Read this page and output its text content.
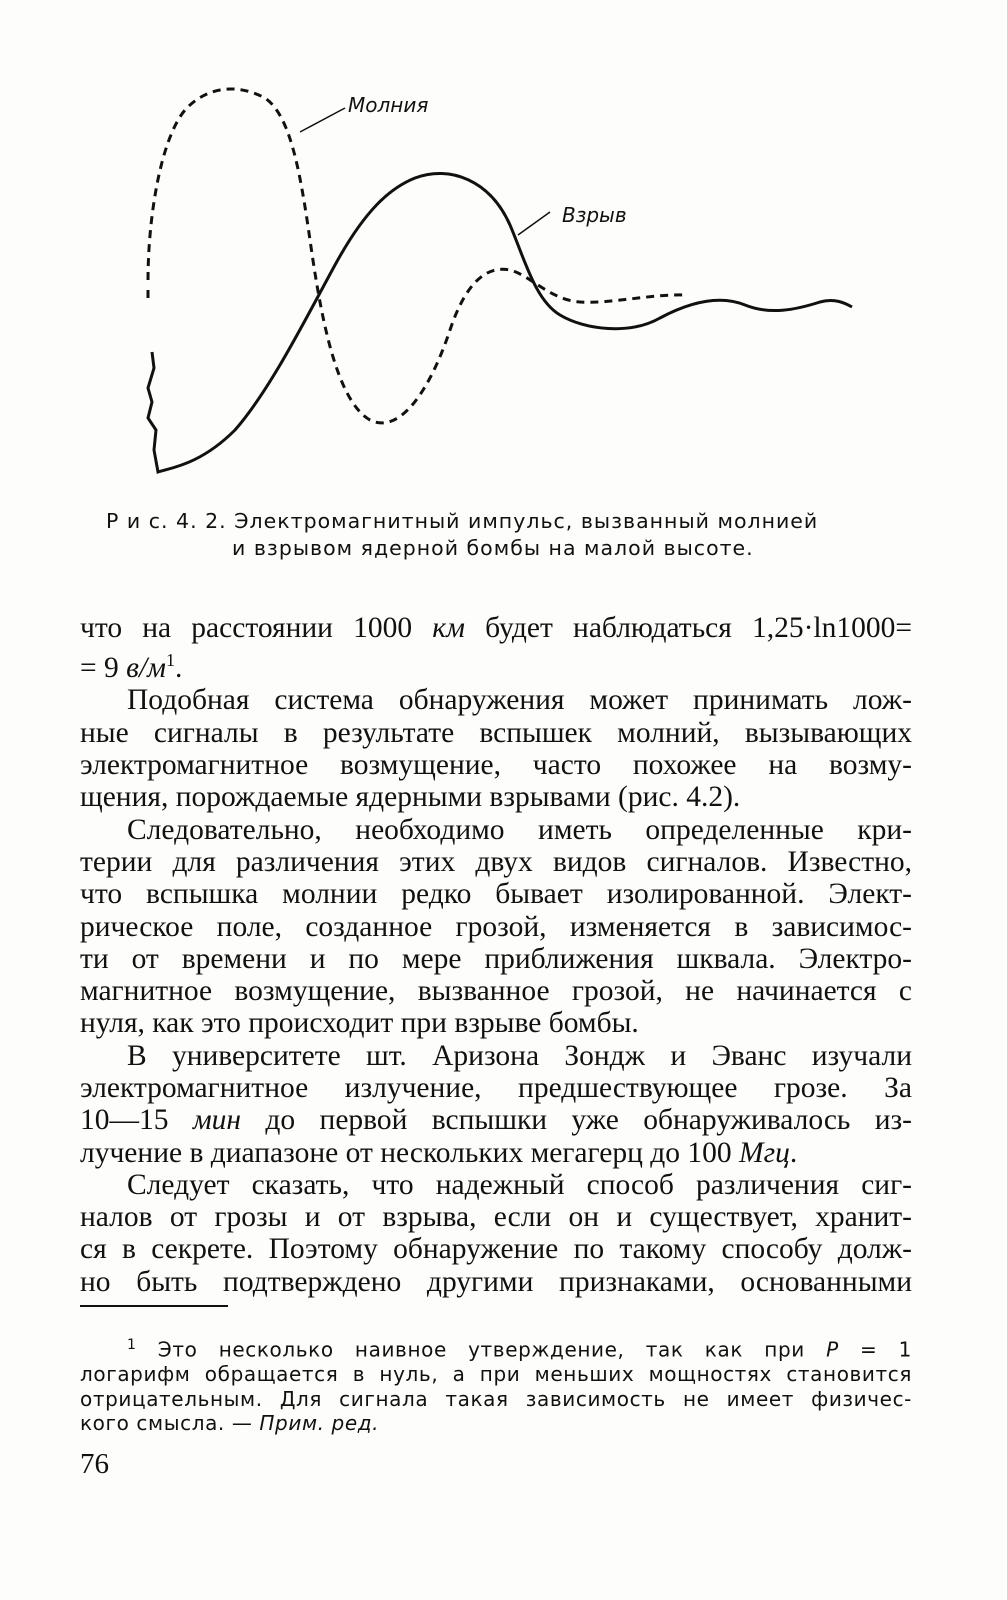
Молния
Взрыв
Р и с. 4. 2. Электромагнитный импульс, вызванный молнией
и взрывом ядерной бомбы на малой высоте.

что на расстоянии 1000 км будет наблюдаться 1,25·ln1000=
= 9 $в/м^1$.

Подобная система обнаружения может принимать лож-
ные сигналы в результате вспышек молний, вызывающих
электромагнитное возмущение, часто похожее на возму-
щения, порождаемые ядерными взрывами (рис. 4.2).

Следовательно, необходимо иметь определенные кри-
терии для различения этих двух видов сигналов. Известно,
что вспышка молнии редко бывает изолированной. Элект-
рическое поле, созданное грозой, изменяется в зависимос-
ти от времени и по мере приближения шквала. Электро-
магнитное возмущение, вызванное грозой, не начинается с
нуля, как это происходит при взрыве бомбы.

В университете шт. Аризона Зондж и Эванс изучали
электромагнитное излучение, предшествующее грозе. За
10—15 мин до первой вспышки уже обнаруживалось из-
лучение в диапазоне от нескольких мегагерц до 100 Мгц.

Следует сказать, что надежный способ различения сиг-
налов от грозы и от взрыва, если он и существует, хранит-
ся в секрете. Поэтому обнаружение по такому способу долж-
но быть подтверждено другими признаками, основанными

$^1$ Это несколько наивное утверждение, так как при P = 1
логарифм обращается в нуль, а при меньших мощностях становится
отрицательным. Для сигнала такая зависимость не имеет физичес-
кого смысла. — Прим. ред.
76
